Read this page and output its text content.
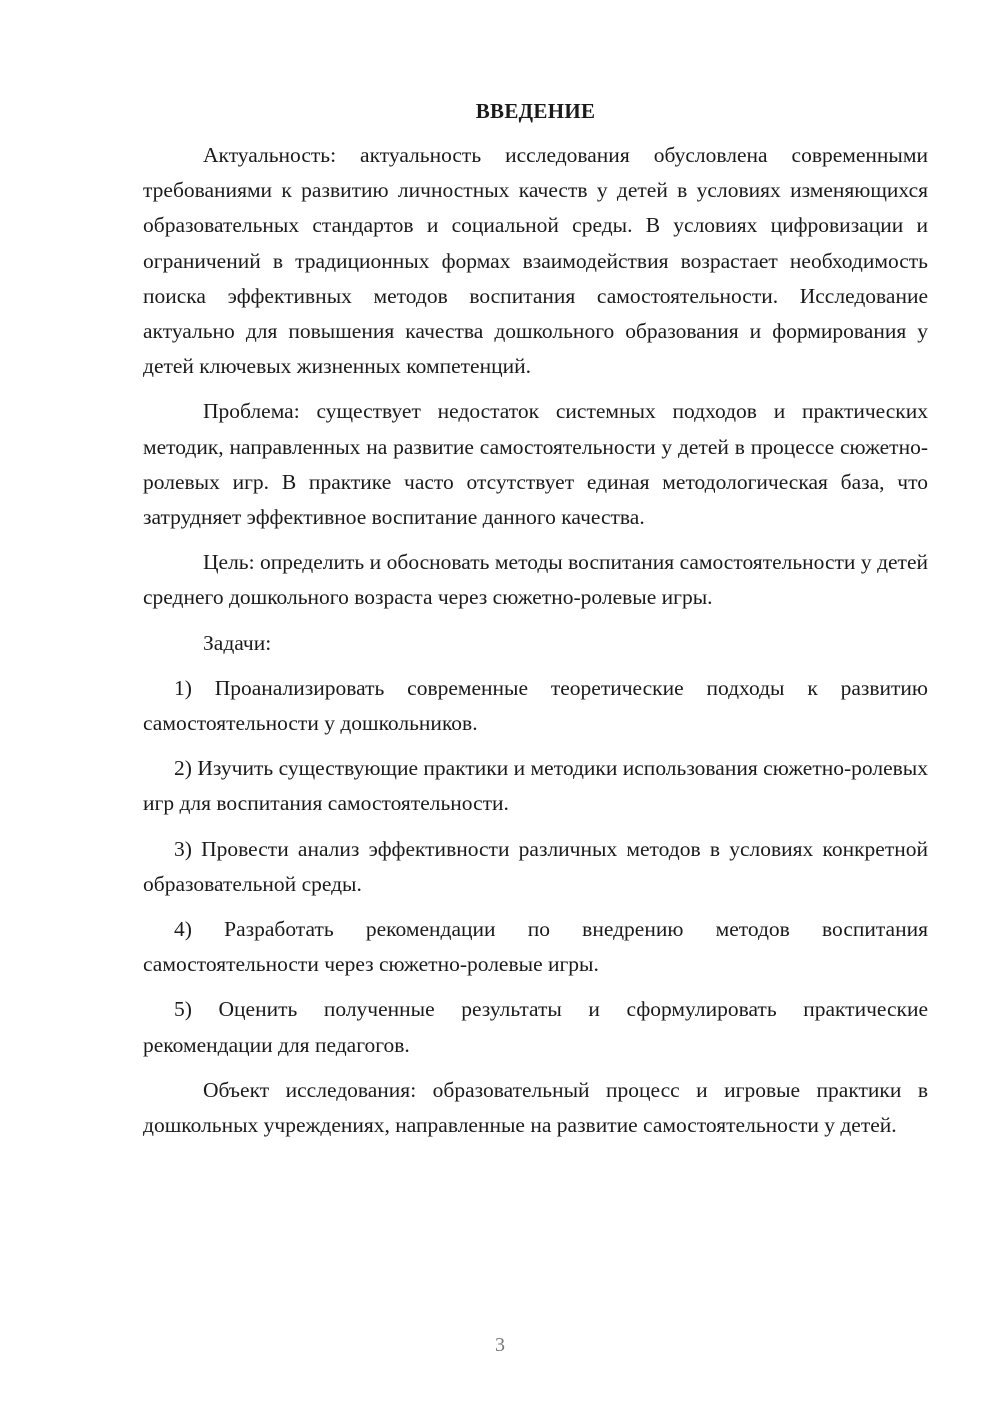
ВВЕДЕНИЕ

Актуальность: актуальность исследования обусловлена современными требованиями к развитию личностных качеств у детей в условиях изменяющихся образовательных стандартов и социальной среды. В условиях цифровизации и ограничений в традиционных формах взаимодействия возрастает необходимость поиска эффективных методов воспитания самостоятельности. Исследование актуально для повышения качества дошкольного образования и формирования у детей ключевых жизненных компетенций.

Проблема: существует недостаток системных подходов и практических методик, направленных на развитие самостоятельности у детей в процессе сюжетно-ролевых игр. В практике часто отсутствует единая методологическая база, что затрудняет эффективное воспитание данного качества.

Цель: определить и обосновать методы воспитания самостоятельности у детей среднего дошкольного возраста через сюжетно-ролевые игры.

Задачи:

1) Проанализировать современные теоретические подходы к развитию самостоятельности у дошкольников.

2) Изучить существующие практики и методики использования сюжетно-ролевых игр для воспитания самостоятельности.

3) Провести анализ эффективности различных методов в условиях конкретной образовательной среды.

4) Разработать рекомендации по внедрению методов воспитания самостоятельности через сюжетно-ролевые игры.

5) Оценить полученные результаты и сформулировать практические рекомендации для педагогов.

Объект исследования: образовательный процесс и игровые практики в дошкольных учреждениях, направленные на развитие самостоятельности у детей.

3
